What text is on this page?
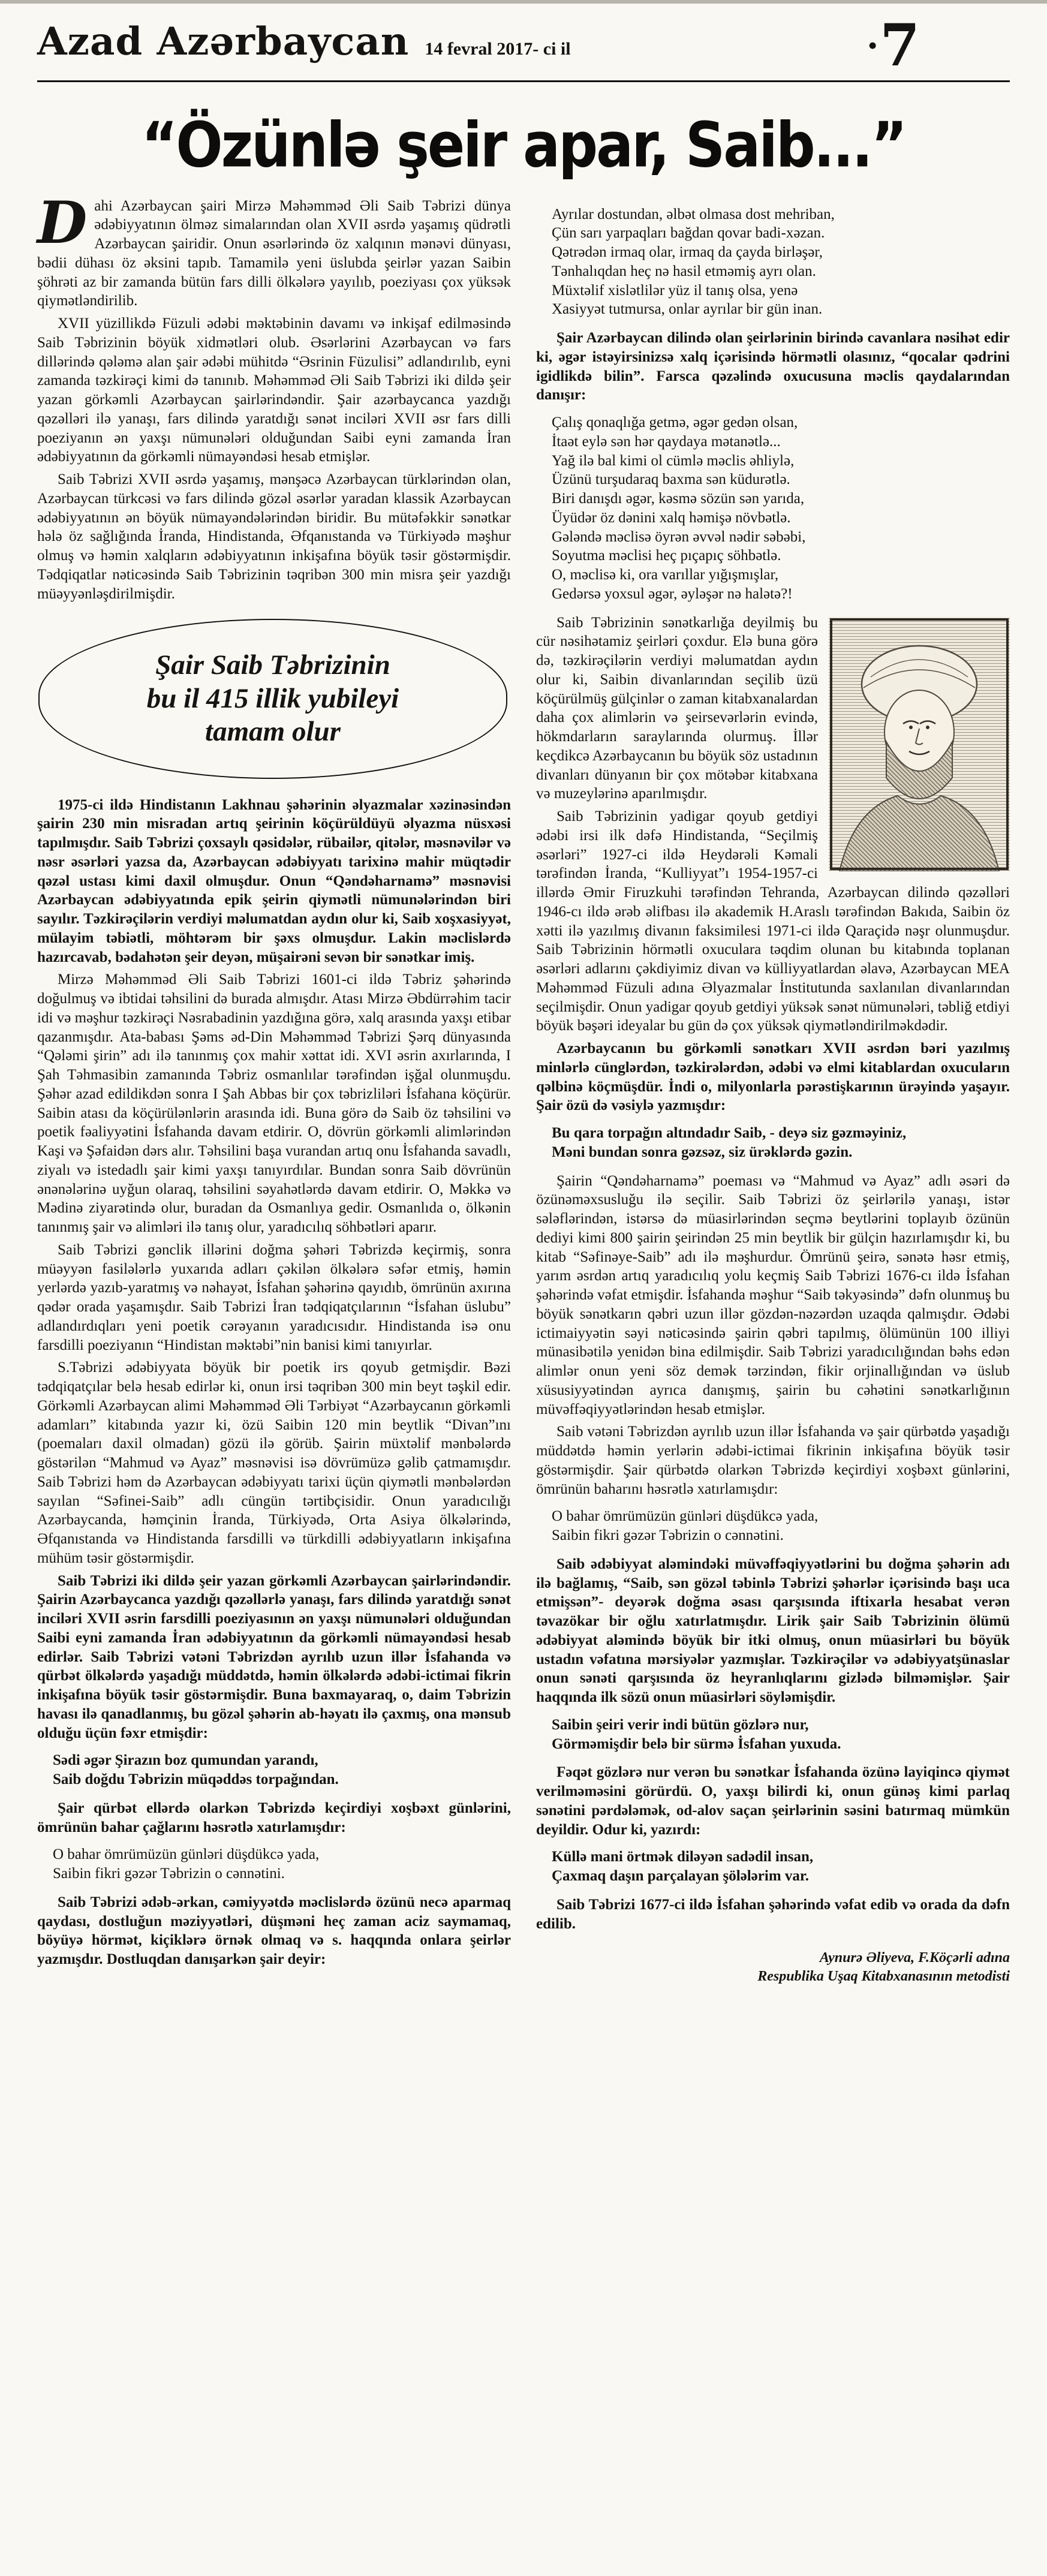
Azad Azərbaycan 14 fevral 2017- ci il	• 7
“Özünlə şeir apar, Saib...”

Dahi Azərbaycan şairi Mirzə Məhəmməd Əli Saib Təbrizi dünya ədəbiyyatının ölməz simalarından olan XVII əsrdə yaşamış qüdrətli Azərbaycan şairidir. Onun əsərlərində öz xalqının mənəvi dünyası, bədii dühası öz əksini tapıb. Tamamilə yeni üslubda şeirlər yazan Saibin şöhrəti az bir zamanda bütün fars dilli ölkələrə yayılıb, poeziyası çox yüksək qiymətləndirilib.

XVII yüzillikdə Füzuli ədəbi məktəbinin davamı və inkişaf edilməsində Saib Təbrizinin böyük xidmətləri olub. Əsərlərini Azərbaycan və fars dillərində qələmə alan şair ədəbi mühitdə “Əsrinin Füzulisi” adlandırılıb, eyni zamanda təzkirəçi kimi də tanınıb. Məhəmməd Əli Saib Təbrizi iki dildə şeir yazan görkəmli Azərbaycan şairlərindəndir. Şair azərbaycanca yazdığı qəzəlləri ilə yanaşı, fars dilində yaratdığı sənət inciləri XVII əsr fars dilli poeziyanın ən yaxşı nümunələri olduğundan Saibi eyni zamanda İran ədəbiyyatının da görkəmli nümayəndəsi hesab etmişlər.

Saib Təbrizi XVII əsrdə yaşamış, mənşəcə Azərbaycan türklərindən olan, Azərbaycan türkcəsi və fars dilində gözəl əsərlər yaradan klassik Azərbaycan ədəbiyyatının ən böyük nümayəndələrindən biridir. Bu mütəfəkkir sənətkar hələ öz sağlığında İranda, Hindistanda, Əfqanıstanda və Türkiyədə məşhur olmuş və həmin xalqların ədəbiyyatının inkişafına böyük təsir göstərmişdir. Tədqiqatlar nəticəsində Saib Təbrizinin təqribən 300 min misra şeir yazdığı müəyyənləşdirilmişdir.

Şair Saib Təbrizinin
bu il 415 illik yubileyi
tamam olur

1975-ci ildə Hindistanın Lakhnau şəhərinin əlyazmalar xəzinəsindən şairin 230 min misradan artıq şeirinin köçürüldüyü əlyazma nüsxəsi tapılmışdır. Saib Təbrizi çoxsaylı qəsidələr, rübailər, qitələr, məsnəvilər və nəsr əsərləri yazsa da, Azərbaycan ədəbiyyatı tarixinə mahir müqtədir qəzəl ustası kimi daxil olmuşdur. Onun “Qəndəharnamə” məsnəvisi Azərbaycan ədəbiyyatında epik şeirin qiymətli nümunələrindən biri sayılır. Təzkirəçilərin verdiyi məlumatdan aydın olur ki, Saib xoşxasiyyət, mülayim təbiətli, möhtərəm bir şəxs olmuşdur. Lakin məclislərdə hazırcavab, bədahətən şeir deyən, müşairəni sevən bir sənətkar imiş.

Mirzə Məhəmməd Əli Saib Təbrizi 1601-ci ildə Təbriz şəhərində doğulmuş və ibtidai təhsilini də burada almışdır. Atası Mirzə Əbdürrəhim tacir idi və məşhur təzkirəçi Nəsrabadinin yazdığına görə, xalq arasında yaxşı etibar qazanmışdır. Ata-babası Şəms əd-Din Məhəmməd Təbrizi Şərq dünyasında “Qələmi şirin” adı ilə tanınmış çox mahir xəttat idi. XVI əsrin axırlarında, I Şah Təhmasibin zamanında Təbriz osmanlılar tərəfindən işğal olunmuşdu. Şəhər azad edildikdən sonra I Şah Abbas bir çox təbrizliləri İsfahana köçürür. Saibin atası da köçürülənlərin arasında idi. Buna görə də Saib öz təhsilini və poetik fəaliyyətini İsfahanda davam etdirir. O, dövrün görkəmli alimlərindən Kaşi və Şəfaidən dərs alır. Təhsilini başa vurandan artıq onu İsfahanda savadlı, ziyalı və istedadlı şair kimi yaxşı tanıyırdılar. Bundan sonra Saib dövrünün ənənələrinə uyğun olaraq, təhsilini səyahətlərdə davam etdirir. O, Məkkə və Mədinə ziyarətində olur, buradan da Osmanlıya gedir. Osmanlıda o, ölkənin tanınmış şair və alimləri ilə tanış olur, yaradıcılıq söhbətləri aparır.

Saib Təbrizi gənclik illərini doğma şəhəri Təbrizdə keçirmiş, sonra müəyyən fasilələrlə yuxarıda adları çəkilən ölkələrə səfər etmiş, həmin yerlərdə yazıb-yaratmış və nəhayət, İsfahan şəhərinə qayıdıb, ömrünün axırına qədər orada yaşamışdır. Saib Təbrizi İran tədqiqatçılarının “İsfahan üslubu” adlandırdıqları yeni poetik cərəyanın yaradıcısıdır. Hindistanda isə onu farsdilli poeziyanın “Hindistan məktəbi”nin banisi kimi tanıyırlar.

S.Təbrizi ədəbiyyata böyük bir poetik irs qoyub getmişdir. Bəzi tədqiqatçılar belə hesab edirlər ki, onun irsi təqribən 300 min beyt təşkil edir. Görkəmli Azərbaycan alimi Məhəmməd Əli Tərbiyət “Azərbaycanın görkəmli adamları” kitabında yazır ki, özü Saibin 120 min beytlik “Divan”ını (poemaları daxil olmadan) gözü ilə görüb. Şairin müxtəlif mənbələrdə göstərilən “Mahmud və Ayaz” məsnəvisi isə dövrümüzə gəlib çatmamışdır. Saib Təbrizi həm də Azərbaycan ədəbiyyatı tarixi üçün qiymətli mənbələrdən sayılan “Səfinei-Saib” adlı cüngün tərtibçisidir. Onun yaradıcılığı Azərbaycanda, həmçinin İranda, Türkiyədə, Orta Asiya ölkələrində, Əfqanıstanda və Hindistanda farsdilli və türkdilli ədəbiyyatların inkişafına mühüm təsir göstərmişdir.

Saib Təbrizi iki dildə şeir yazan görkəmli Azərbaycan şairlərindəndir. Şairin Azərbaycanca yazdığı qəzəllərlə yanaşı, fars dilində yaratdığı sənət inciləri XVII əsrin farsdilli poeziyasının ən yaxşı nümunələri olduğundan Saibi eyni zamanda İran ədəbiyyatının da görkəmli nümayəndəsi hesab edirlər. Saib Təbrizi vətəni Təbrizdən ayrılıb uzun illər İsfahanda və qürbət ölkələrdə yaşadığı müddətdə, həmin ölkələrdə ədəbi-ictimai fikrin inkişafına böyük təsir göstərmişdir. Buna baxmayaraq, o, daim Təbrizin havası ilə qanadlanmış, bu gözəl şəhərin ab-həyatı ilə çaxmış, ona mənsub olduğu üçün fəxr etmişdir:

Sədi əgər Şirazın boz qumundan yarandı,
Saib doğdu Təbrizin müqəddəs torpağından.

Şair qürbət ellərdə olarkən Təbrizdə keçirdiyi xoşbəxt günlərini, ömrünün bahar çağlarını həsrətlə xatırlamışdır:

O bahar ömrümüzün günləri düşdükcə yada,
Saibin fikri gəzər Təbrizin o cənnətini.

Saib Təbrizi ədəb-ərkan, cəmiyyətdə məclislərdə özünü necə aparmaq qaydası, dostluğun məziyyətləri, düşməni heç zaman aciz saymamaq, böyüyə hörmət, kiçiklərə örnək olmaq və s. haqqında onlara şeirlər yazmışdır. Dostluqdan danışarkən şair deyir:

Ayrılar dostundan, əlbət olmasa dost mehriban,
Çün sarı yarpaqları bağdan qovar badi-xəzan.
Qətrədən irmaq olar, irmaq da çayda birləşər,
Tənhalıqdan heç nə hasil etməmiş ayrı olan.
Müxtəlif xislətlilər yüz il tanış olsa, yenə
Xasiyyət tutmursa, onlar ayrılar bir gün inan.

Şair Azərbaycan dilində olan şeirlərinin birində cavanlara nəsihət edir ki, əgər istəyirsinizsə xalq içərisində hörmətli olasınız, “qocalar qədrini igidlikdə bilin”. Farsca qəzəlində oxucusuna məclis qaydalarından danışır:

Çalış qonaqlığa getmə, əgər gedən olsan,
İtaət eylə sən hər qaydaya mətanətlə...
Yağ ilə bal kimi ol cümlə məclis əhliylə,
Üzünü turşudaraq baxma sən küdurətlə.
Biri danışdı əgər, kəsmə sözün sən yarıda,
Üyüdər öz dənini xalq həmişə növbətlə.
Gələndə məclisə öyrən əvvəl nədir səbəbi,
Soyutma məclisi heç pıçapıç söhbətlə.
O, məclisə ki, ora varıllar yığışmışlar,
Gedərsə yoxsul əgər, əyləşər nə halətə?!

Saib Təbrizinin sənətkarlığa deyilmiş bu cür nəsihətamiz şeirləri çoxdur. Elə buna görə də, təzkirəçilərin verdiyi məlumatdan aydın olur ki, Saibin divanlarından seçilib üzü köçürülmüş gülçinlər o zaman kitabxanalardan daha çox alimlərin və şeirsevərlərin evində, hökmdarların saraylarında olurmuş. İllər keçdikcə Azərbaycanın bu böyük söz ustadının divanları dünyanın bir çox mötəbər kitabxana və muzeylərinə aparılmışdır.

Saib Təbrizinin yadigar qoyub getdiyi ədəbi irsi ilk dəfə Hindistanda, “Seçilmiş əsərləri” 1927-ci ildə Heydərəli Kəmali tərəfindən İranda, “Kulliyyat”ı 1954-1957-ci illərdə Əmir Firuzkuhi tərəfindən Tehranda, Azərbaycan dilində qəzəlləri 1946-cı ildə ərəb əlifbası ilə akademik H.Araslı tərəfindən Bakıda, Saibin öz xətti ilə yazılmış divanın faksimilesi 1971-ci ildə Qaraçidə nəşr olunmuşdur. Saib Təbrizinin hörmətli oxuculara təqdim olunan bu kitabında toplanan əsərləri adlarını çəkdiyimiz divan və külliyyatlardan əlavə, Azərbaycan MEA Məhəmməd Füzuli adına Əlyazmalar İnstitutunda saxlanılan divanlarından seçilmişdir. Onun yadigar qoyub getdiyi yüksək sənət nümunələri, təbliğ etdiyi böyük bəşəri ideyalar bu gün də çox yüksək qiymətləndirilməkdədir.

Azərbaycanın bu görkəmli sənətkarı XVII əsrdən bəri yazılmış minlərlə cünglərdən, təzkirələrdən, ədəbi və elmi kitablardan oxucuların qəlbinə köçmüşdür. İndi o, milyonlarla pərəstişkarının ürəyində yaşayır. Şair özü də vəsiylə yazmışdır:

Bu qara torpağın altındadır Saib, - deyə siz gəzməyiniz,
Məni bundan sonra gəzsəz, siz ürəklərdə gəzin.

Şairin “Qəndəharnamə” poeması və “Mahmud və Ayaz” adlı əsəri də özünəməxsusluğu ilə seçilir. Saib Təbrizi öz şeirlərilə yanaşı, istər sələflərindən, istərsə də müasirlərindən seçmə beytlərini toplayıb özünün dediyi kimi 800 şairin şeirindən 25 min beytlik bir gülçin hazırlamışdır ki, bu kitab “Səfinəye-Saib” adı ilə məşhurdur. Ömrünü şeirə, sənətə həsr etmiş, yarım əsrdən artıq yaradıcılıq yolu keçmiş Saib Təbrizi 1676-cı ildə İsfahan şəhərində vəfat etmişdir. İsfahanda məşhur “Saib təkyəsində” dəfn olunmuş bu böyük sənətkarın qəbri uzun illər gözdən-nəzərdən uzaqda qalmışdır. Ədəbi ictimaiyyətin səyi nəticəsində şairin qəbri tapılmış, ölümünün 100 illiyi münasibətilə yenidən bina edilmişdir. Saib Təbrizi yaradıcılığından bəhs edən alimlər onun yeni söz demək tərzindən, fikir orjinallığından və üslub xüsusiyyətindən ayrıca danışmış, şairin bu cəhətini sənətkarlığının müvəffəqiyyətlərindən hesab etmişlər.

Saib vətəni Təbrizdən ayrılıb uzun illər İsfahanda və şair qürbətdə yaşadığı müddətdə həmin yerlərin ədəbi-ictimai fikrinin inkişafına böyük təsir göstərmişdir. Şair qürbətdə olarkən Təbrizdə keçirdiyi xoşbəxt günlərini, ömrünün baharını həsrətlə xatırlamışdır:

O bahar ömrümüzün günləri düşdükcə yada,
Saibin fikri gəzər Təbrizin o cənnətini.

Saib ədəbiyyat aləmindəki müvəffəqiyyətlərini bu doğma şəhərin adı ilə bağlamış, “Saib, sən gözəl təbinlə Təbrizi şəhərlər içərisində başı uca etmişsən”- deyərək doğma əsası qarşısında iftixarla hesabat verən təvazökar bir oğlu xatırlatmışdır. Lirik şair Saib Təbrizinin ölümü ədəbiyyat aləmində böyük bir itki olmuş, onun müasirləri bu böyük ustadın vəfatına mərsiyələr yazmışlar. Təzkirəçilər və ədəbiyyatşünaslar onun sənəti qarşısında öz heyranlıqlarını gizlədə bilməmişlər. Şair haqqında ilk sözü onun müasirləri söyləmişdir.

Saibin şeiri verir indi bütün gözlərə nur,
Görməmişdir belə bir sürmə İsfahan yuxuda.

Fəqət gözlərə nur verən bu sənətkar İsfahanda özünə layiqincə qiymət verilməməsini görürdü. O, yaxşı bilirdi ki, onun günəş kimi parlaq sənətini pərdələmək, od-alov saçan şeirlərinin səsini batırmaq mümkün deyildir. Odur ki, yazırdı:

Küllə mani örtmək diləyən sadədil insan,
Çaxmaq daşın parçalayan şölələrim var.

Saib Təbrizi 1677-ci ildə İsfahan şəhərində vəfat edib və orada da dəfn edilib.

Aynurə Əliyeva, F.Köçərli adına
Respublika Uşaq Kitabxanasının metodisti
